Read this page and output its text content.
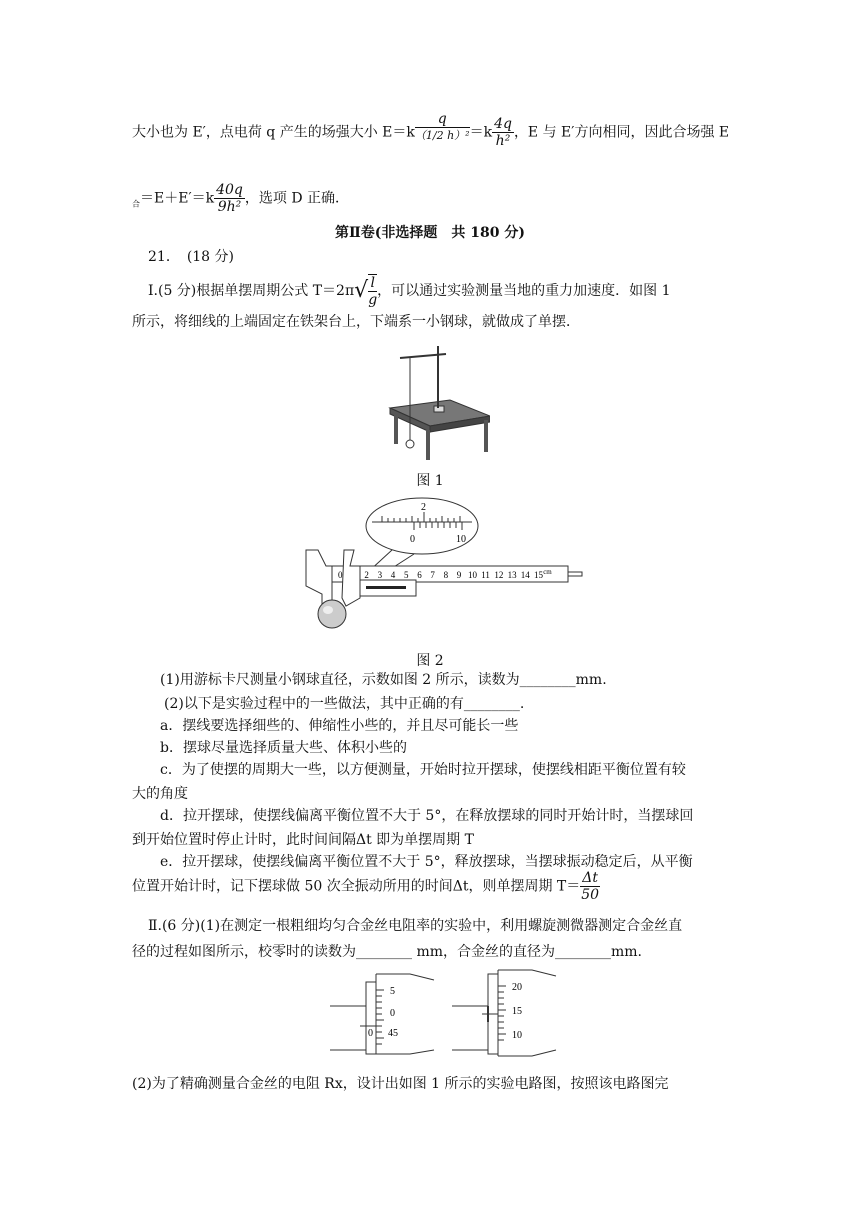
大小也为 E′，点电荷 q 产生的场强大小 $E=k \frac{q}{\text{（1/2 h）²}} =k \frac{4q}{\text{h²}}$ ，E 与 E′方向相同，因此合场强 E
$_合=E+E'=k \frac{40q}{\text{9h²}}$ ，选项 D 正确．
第Ⅱ卷(非选择题　共 180 分)
21．　(18 分)
Ⅰ.(5 分)根据单摆周期公式 $T=2\pi√ \frac{l}{g}$ ，可以通过实验测量当地的重力加速度．如图 1
所示，将细线的上端固定在铁架台上，下端系一小钢球，就做成了单摆．
图 1
2
0	10
0 2 3 4 5 6 7 8 9 10 11 12 13 14 15 cm
图 2
(1)用游标卡尺测量小钢球直径，示数如图 2 所示，读数为________mm.
(2)以下是实验过程中的一些做法，其中正确的有________.
a．摆线要选择细些的、伸缩性小些的，并且尽可能长一些
b．摆球尽量选择质量大些、体积小些的
c．为了使摆的周期大一些，以方便测量，开始时拉开摆球，使摆线相距平衡位置有较
大的角度
d．拉开摆球，使摆线偏离平衡位置不大于 5°，在释放摆球的同时开始计时，当摆球回
到开始位置时停止计时，此时间间隔Δt 即为单摆周期 T
e．拉开摆球，使摆线偏离平衡位置不大于 5°，释放摆球，当摆球振动稳定后，从平衡
位置开始计时，记下摆球做 50 次全振动所用的时间Δt，则单摆周期 $T= \frac{\Delta t}{50}$
Ⅱ.(6 分)(1)在测定一根粗细均匀合金丝电阻率的实验中，利用螺旋测微器测定合金丝直
径的过程如图所示，校零时的读数为________ mm，合金丝的直径为________mm.
5
0
0 45
20
15
10
(2)为了精确测量合金丝的电阻 Rx，设计出如图 1 所示的实验电路图，按照该电路图完
